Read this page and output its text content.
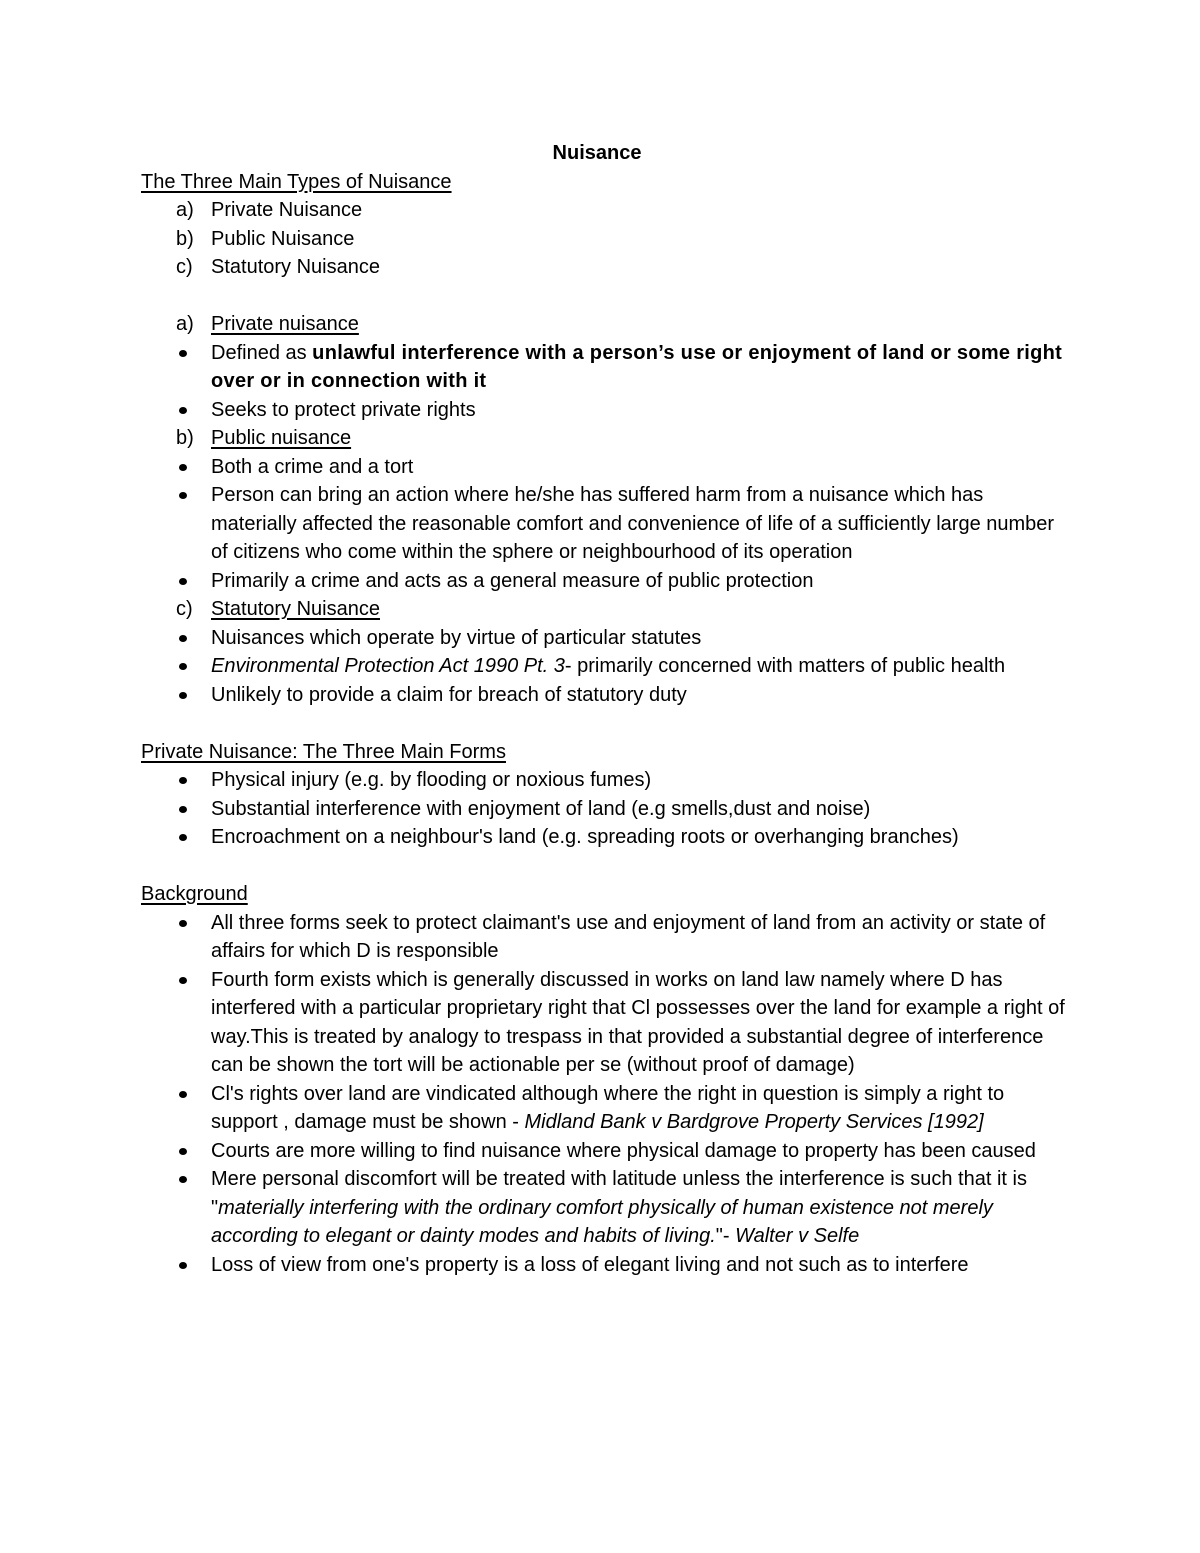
Nuisance
The Three Main Types of Nuisance
a) Private Nuisance
b) Public Nuisance
c) Statutory Nuisance
a) Private nuisance
Defined as unlawful interference with a person’s use or enjoyment of land or some right over or in connection with it
Seeks to protect private rights
b) Public nuisance
Both a crime and a tort
Person can bring an action where he/she has suffered harm from a nuisance which has materially affected the reasonable comfort and convenience of life of a sufficiently large number of citizens who come within the sphere or neighbourhood of its operation
Primarily a crime and acts as a general measure of public protection
c) Statutory Nuisance
Nuisances which operate by virtue of particular statutes
Environmental Protection Act 1990 Pt. 3- primarily concerned with matters of public health
Unlikely to provide a claim for breach of statutory duty
Private Nuisance: The Three Main Forms
Physical injury (e.g. by flooding or noxious fumes)
Substantial interference with enjoyment of land (e.g smells,dust and noise)
Encroachment on a neighbour's land (e.g. spreading roots or overhanging branches)
Background
All three forms seek to protect claimant's use and enjoyment of land from an activity or state of affairs for which D is responsible
Fourth form exists which is generally discussed in works on land law namely where D has interfered with a particular proprietary right that Cl possesses over the land for example a right of way.This is treated by analogy to trespass in that provided a substantial degree of interference can be shown the tort will be actionable per se (without proof of damage)
Cl's rights over land are vindicated although where the right in question is simply a right to support , damage must be shown - Midland Bank v Bardgrove Property Services [1992]
Courts are more willing to find nuisance where physical damage to property has been caused
Mere personal discomfort will be treated with latitude unless the interference is such that it is "materially interfering with the ordinary comfort physically of human existence not merely according to elegant or dainty modes and habits of living."- Walter v Selfe
Loss of view from one's property is a loss of elegant living and not such as to interfere
